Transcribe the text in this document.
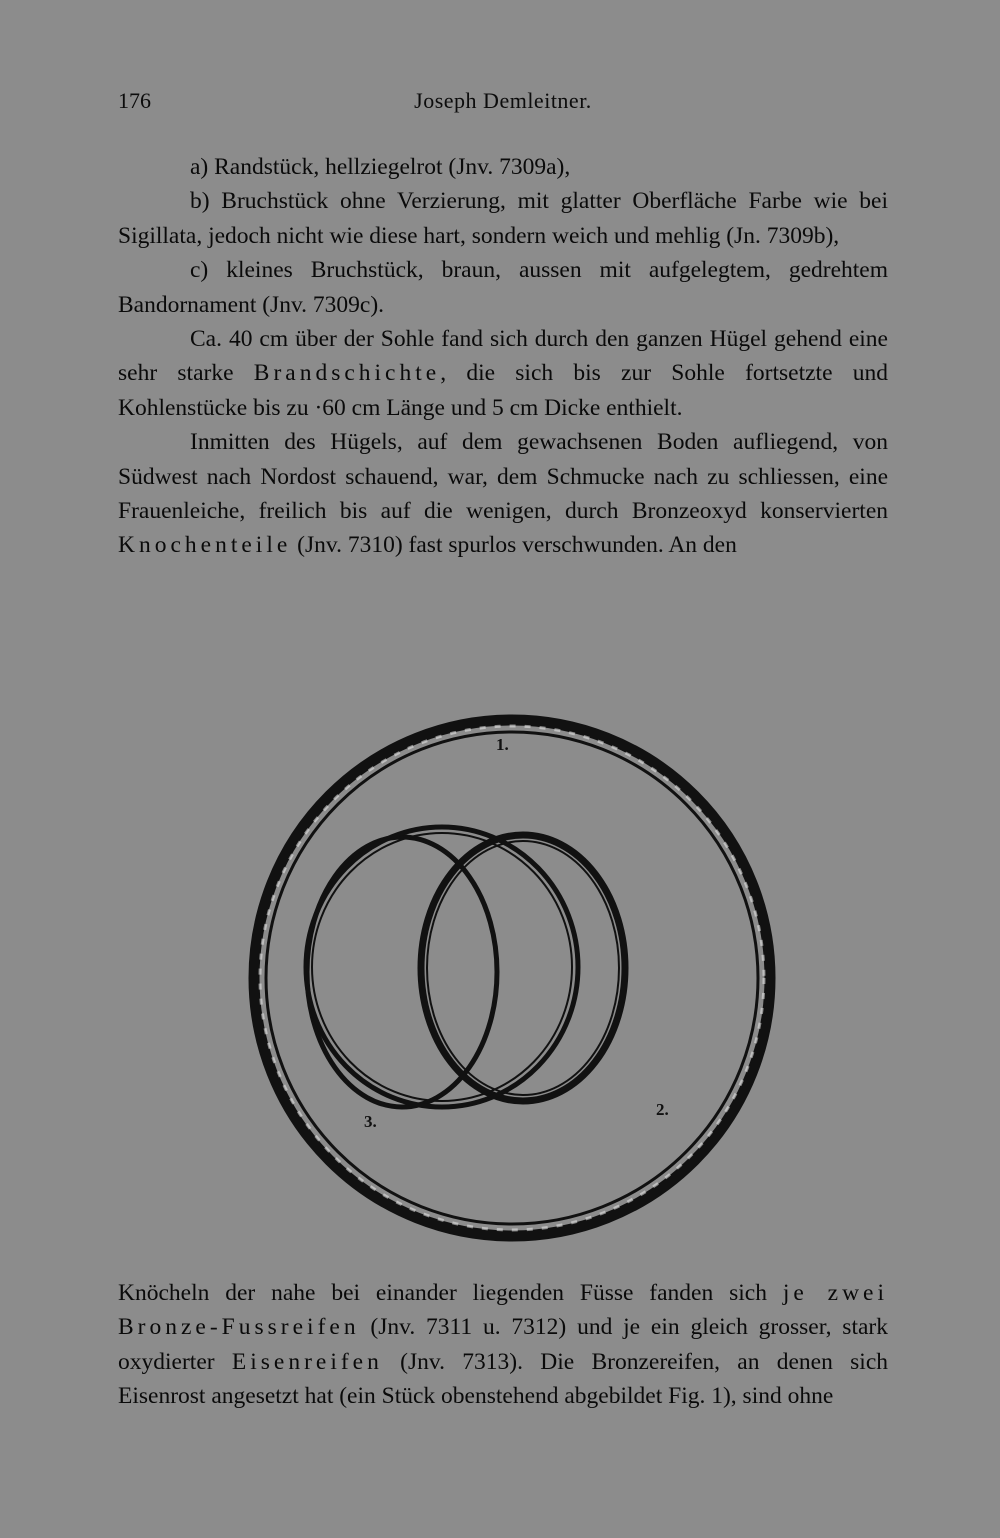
176	Joseph Demleitner.

a) Randstück, hellziegelrot (Jnv. 7309a),

b) Bruchstück ohne Verzierung, mit glatter Oberfläche Farbe wie bei Sigillata, jedoch nicht wie diese hart, sondern weich und mehlig (Jn. 7309b),

c) kleines Bruchstück, braun, aussen mit aufgelegtem, gedrehtem Bandornament (Jnv. 7309c).

Ca. 40 cm über der Sohle fand sich durch den ganzen Hügel gehend eine sehr starke Brandschichte, die sich bis zur Sohle fortsetzte und Kohlenstücke bis zu ·60 cm Länge und 5 cm Dicke enthielt.

Inmitten des Hügels, auf dem gewachsenen Boden aufliegend, von Südwest nach Nordost schauend, war, dem Schmucke nach zu schliessen, eine Frauenleiche, freilich bis auf die wenigen, durch Bronzeoxyd konservierten Knochenteile (Jnv. 7310) fast spurlos verschwunden. An den

1.
2.
3.

Knöcheln der nahe bei einander liegenden Füsse fanden sich je zwei Bronze-Fussreifen (Jnv. 7311 u. 7312) und je ein gleich grosser, stark oxydierter Eisenreifen (Jnv. 7313). Die Bronzereifen, an denen sich Eisenrost angesetzt hat (ein Stück obenstehend abgebildet Fig. 1), sind ohne
